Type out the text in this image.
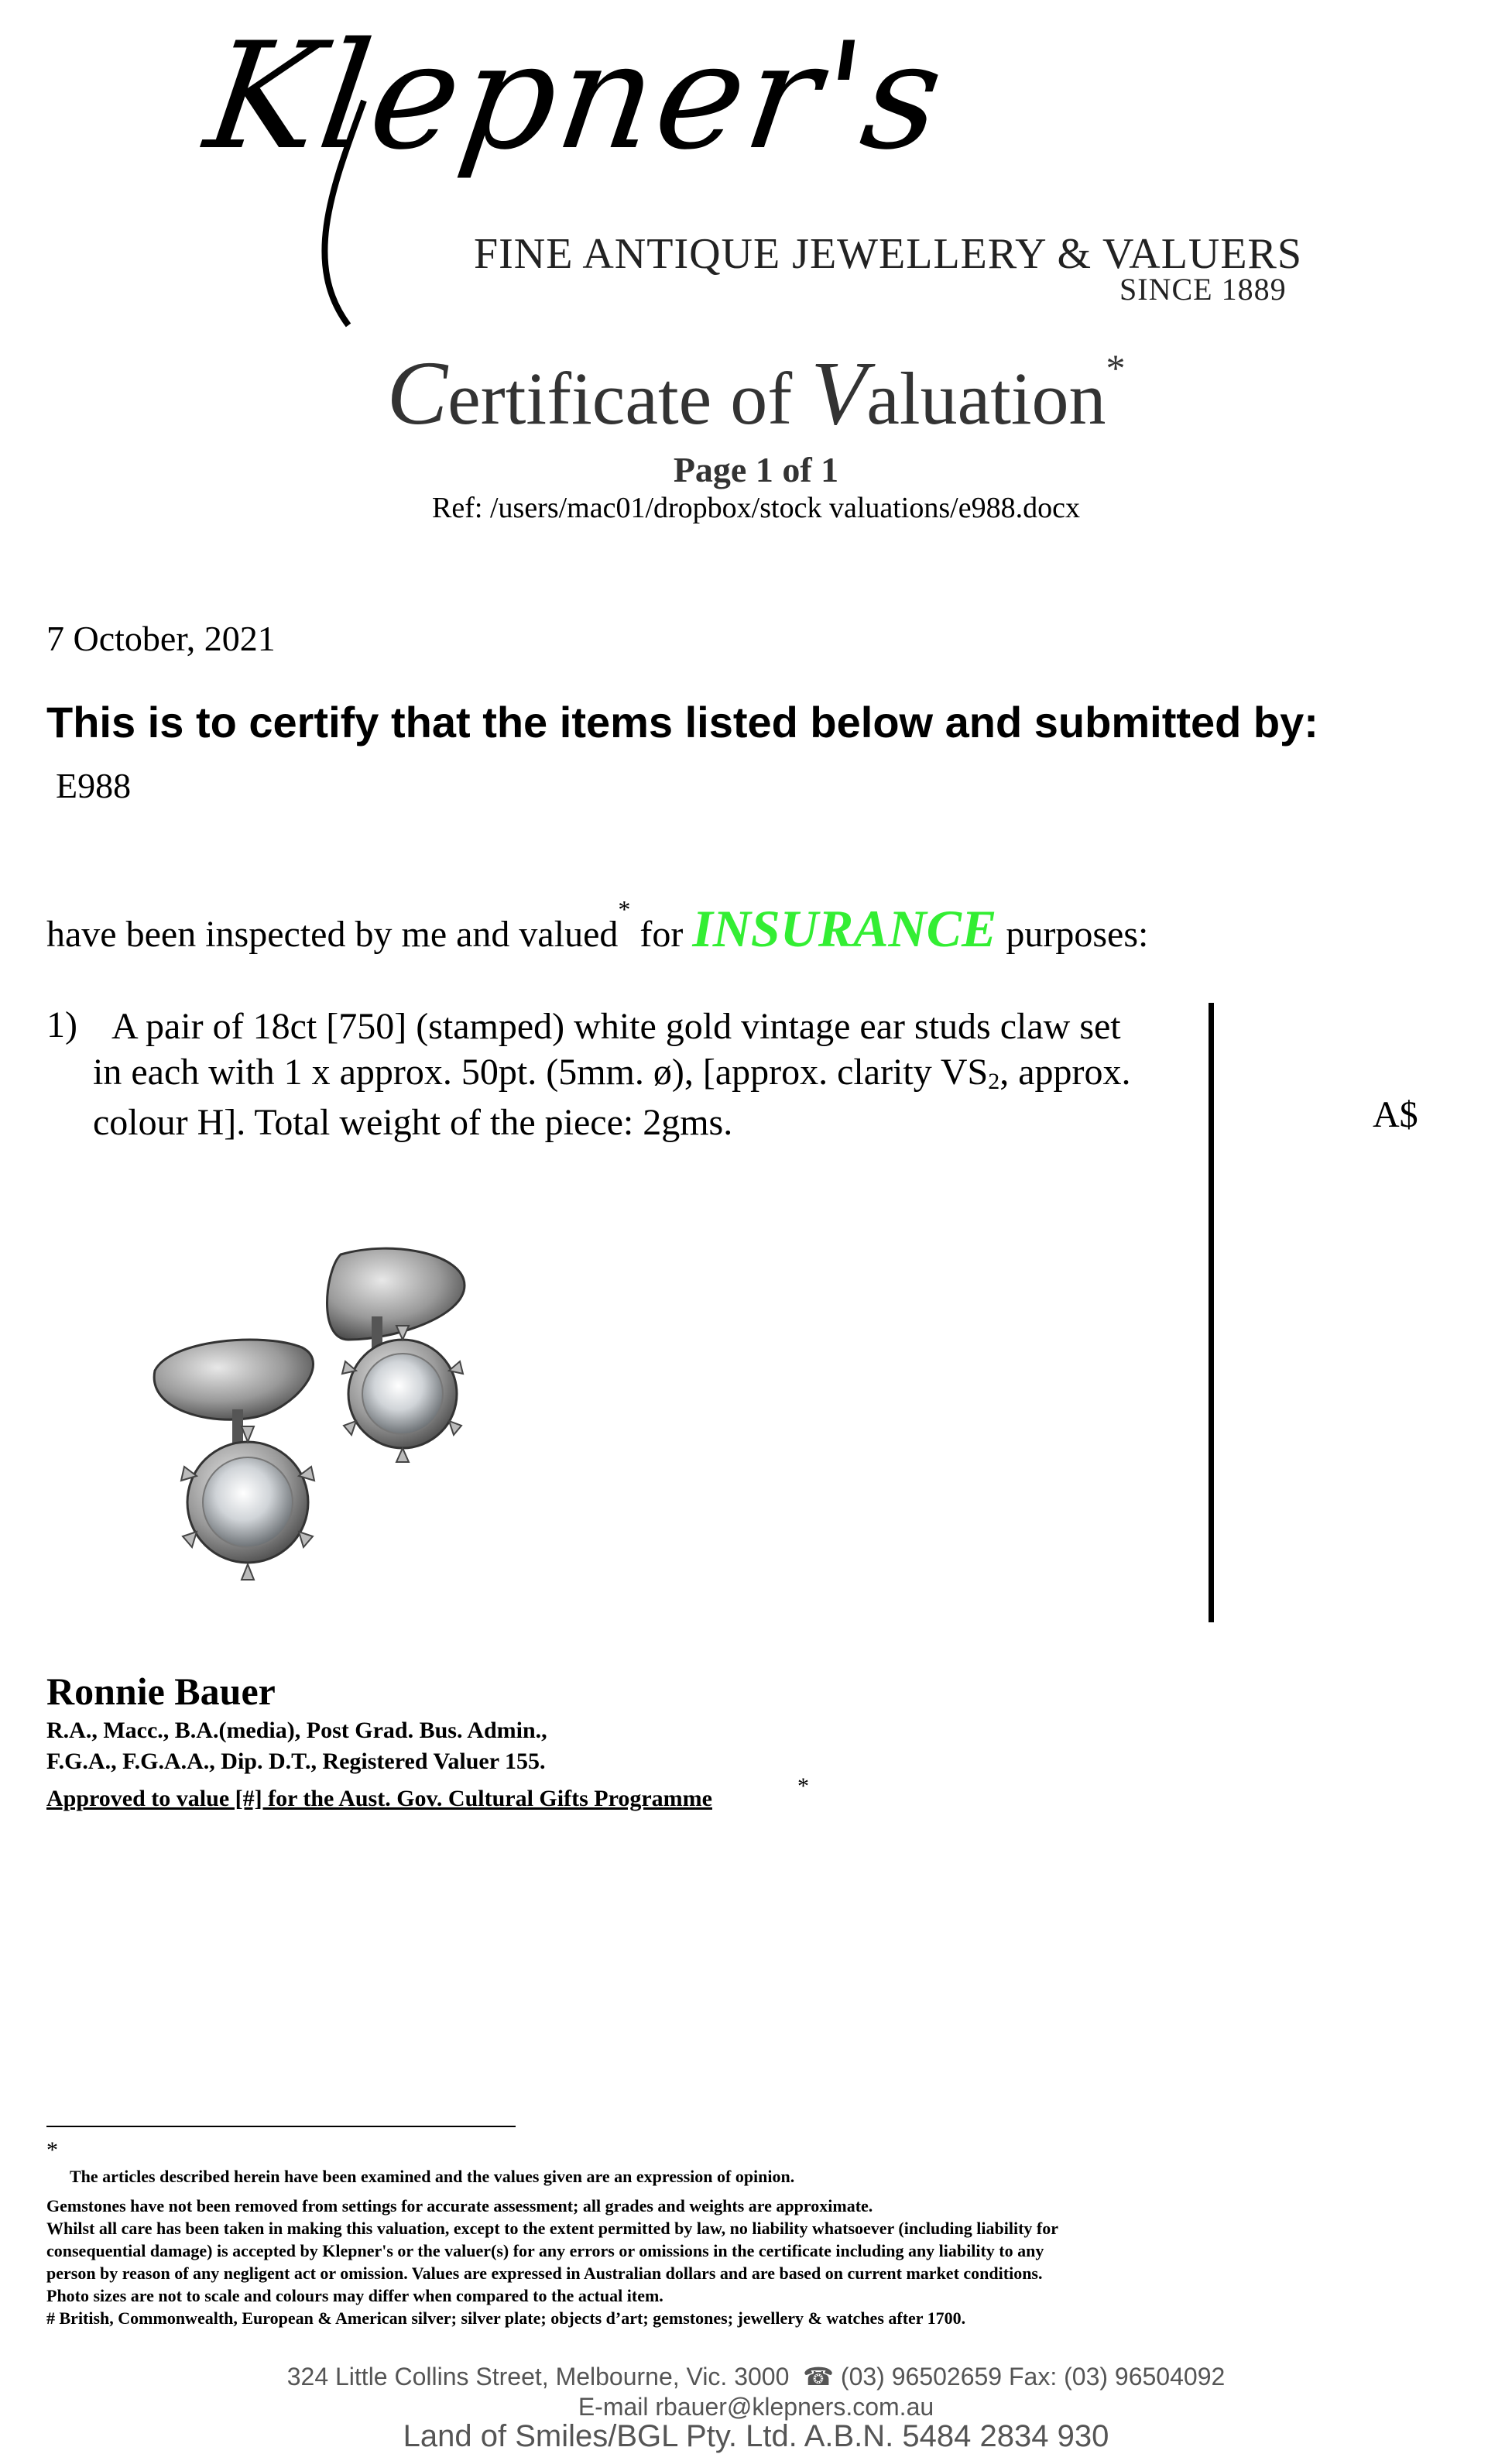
Klepner's
FINE ANTIQUE JEWELLERY & VALUERS
SINCE 1889
Certificate of Valuation*
Page 1 of 1
Ref: /users/mac01/dropbox/stock valuations/e988.docx
7 October, 2021
This is to certify that the items listed below and submitted by:
E988
have been inspected by me and valued* for INSURANCE purposes:
1) A pair of 18ct [750] (stamped) white gold vintage ear studs claw set
in each with 1 x approx. 50pt. (5mm. ø), [approx. clarity $VS_2$, approx.
colour H]. Total weight of the piece: 2gms.	A$
Ronnie Bauer
R.A., Macc., B.A.(media), Post Grad. Bus. Admin.,
F.G.A., F.G.A.A., Dip. D.T., Registered Valuer 155.
Approved to value [#] for the Aust. Gov. Cultural Gifts Programme	*
*
The articles described herein have been examined and the values given are an expression of opinion.
Gemstones have not been removed from settings for accurate assessment; all grades and weights are approximate.
Whilst all care has been taken in making this valuation, except to the extent permitted by law, no liability whatsoever (including liability for
consequential damage) is accepted by Klepner's or the valuer(s) for any errors or omissions in the certificate including any liability to any
person by reason of any negligent act or omission. Values are expressed in Australian dollars and are based on current market conditions.
Photo sizes are not to scale and colours may differ when compared to the actual item.
# British, Commonwealth, European & American silver; silver plate; objects d’art; gemstones; jewellery & watches after 1700.
324 Little Collins Street, Melbourne, Vic. 3000 ☎ (03) 96502659 Fax: (03) 96504092
E-mail rbauer@klepners.com.au
Land of Smiles/BGL Pty. Ltd. A.B.N. 5484 2834 930
